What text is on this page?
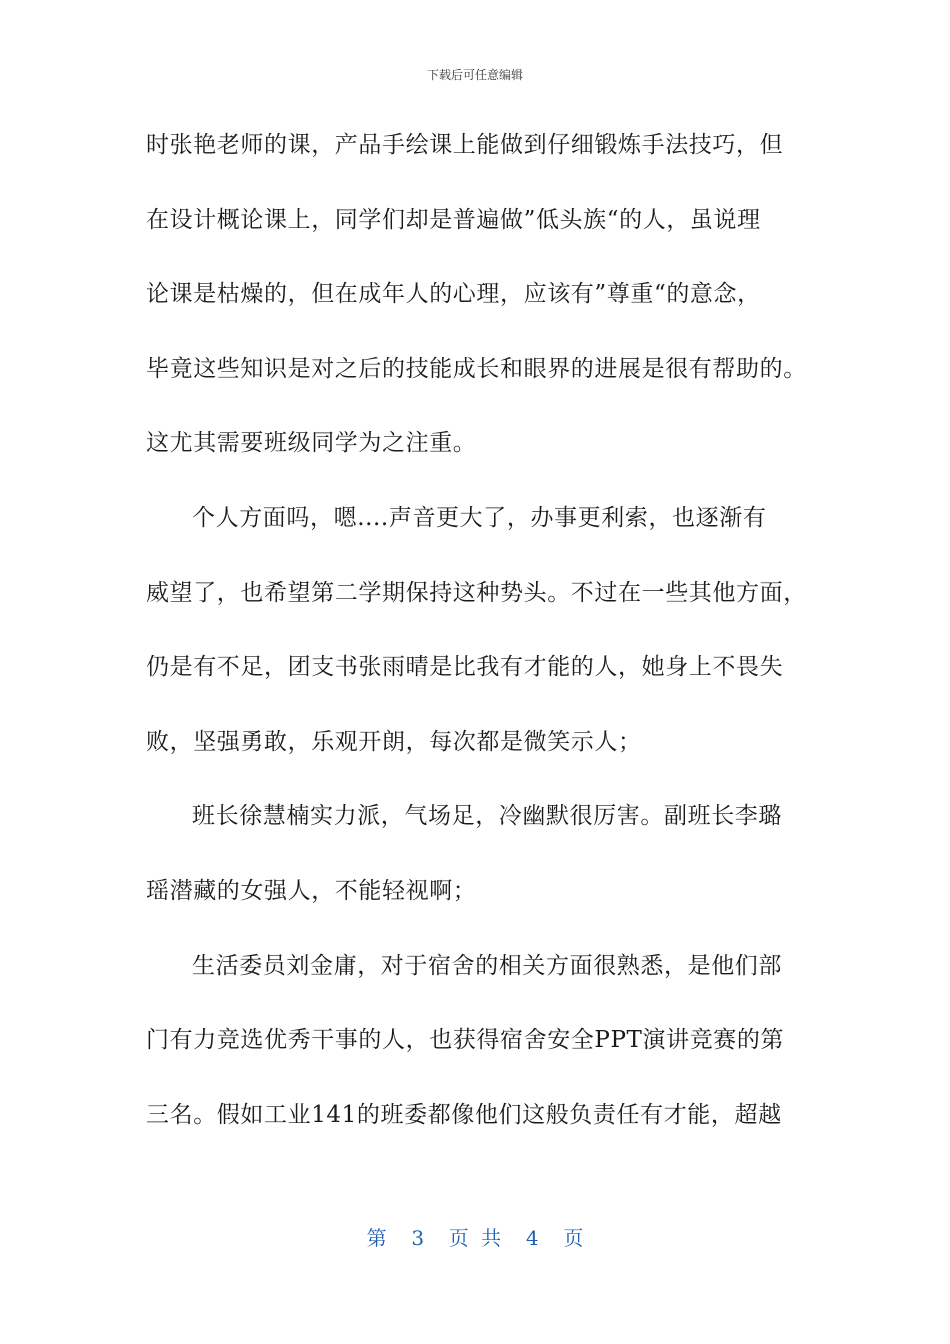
下载后可任意编辑
时张艳老师的课，产品手绘课上能做到仔细锻炼手法技巧，但
在设计概论课上，同学们却是普遍做”低头族“的人，虽说理
论课是枯燥的，但在成年人的心理，应该有”尊重“的意念，
毕竟这些知识是对之后的技能成长和眼界的进展是很有帮助的。
这尤其需要班级同学为之注重。
个人方面吗，嗯....声音更大了，办事更利索，也逐渐有
威望了，也希望第二学期保持这种势头。不过在一些其他方面，
仍是有不足，团支书张雨晴是比我有才能的人，她身上不畏失
败，坚强勇敢，乐观开朗，每次都是微笑示人；
班长徐慧楠实力派，气场足，冷幽默很厉害。副班长李璐
瑶潜藏的女强人，不能轻视啊；
生活委员刘金庸，对于宿舍的相关方面很熟悉，是他们部
门有力竞选优秀干事的人，也获得宿舍安全PPT演讲竞赛的第
三名。假如工业141的班委都像他们这般负责任有才能，超越
第  3  页 共  4  页
